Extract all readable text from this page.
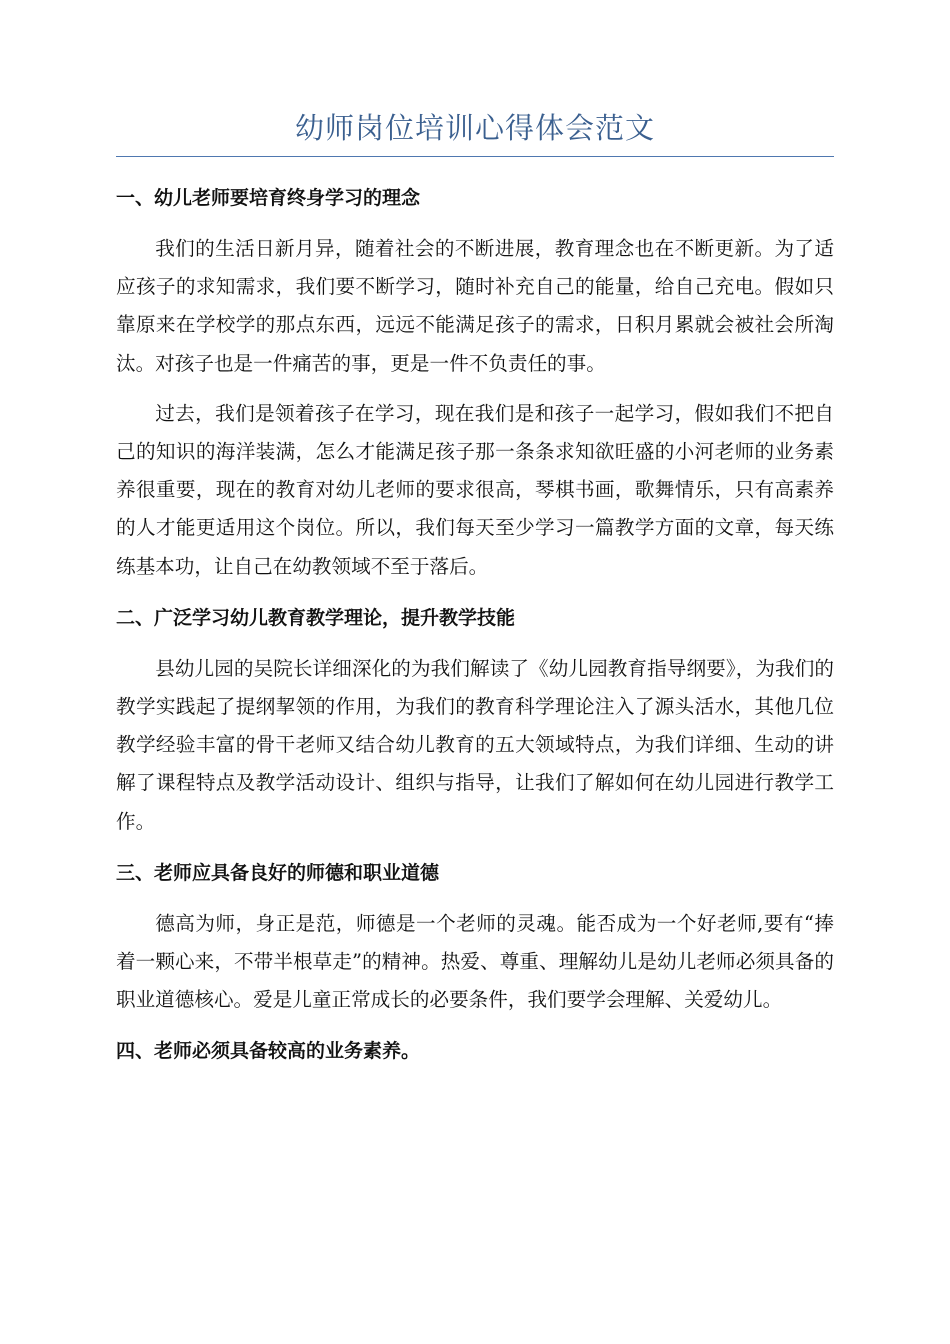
幼师岗位培训心得体会范文
一、幼儿老师要培育终身学习的理念

我们的生活日新月异，随着社会的不断进展，教育理念也在不断更新。为了适应孩子的求知需求，我们要不断学习，随时补充自己的能量，给自己充电。假如只靠原来在学校学的那点东西，远远不能满足孩子的需求，日积月累就会被社会所淘汰。对孩子也是一件痛苦的事，更是一件不负责任的事。

过去，我们是领着孩子在学习，现在我们是和孩子一起学习，假如我们不把自己的知识的海洋装满，怎么才能满足孩子那一条条求知欲旺盛的小河老师的业务素养很重要，现在的教育对幼儿老师的要求很高，琴棋书画，歌舞情乐，只有高素养的人才能更适用这个岗位。所以，我们每天至少学习一篇教学方面的文章，每天练练基本功，让自己在幼教领域不至于落后。

二、广泛学习幼儿教育教学理论，提升教学技能

县幼儿园的吴院长详细深化的为我们解读了《幼儿园教育指导纲要》，为我们的教学实践起了提纲挈领的作用，为我们的教育科学理论注入了源头活水，其他几位教学经验丰富的骨干老师又结合幼儿教育的五大领域特点，为我们详细、生动的讲解了课程特点及教学活动设计、组织与指导，让我们了解如何在幼儿园进行教学工作。

三、老师应具备良好的师德和职业道德

德高为师，身正是范，师德是一个老师的灵魂。能否成为一个好老师,要有“捧着一颗心来，不带半根草走”的精神。热爱、尊重、理解幼儿是幼儿老师必须具备的职业道德核心。爱是儿童正常成长的必要条件，我们要学会理解、关爱幼儿。

四、老师必须具备较高的业务素养。
